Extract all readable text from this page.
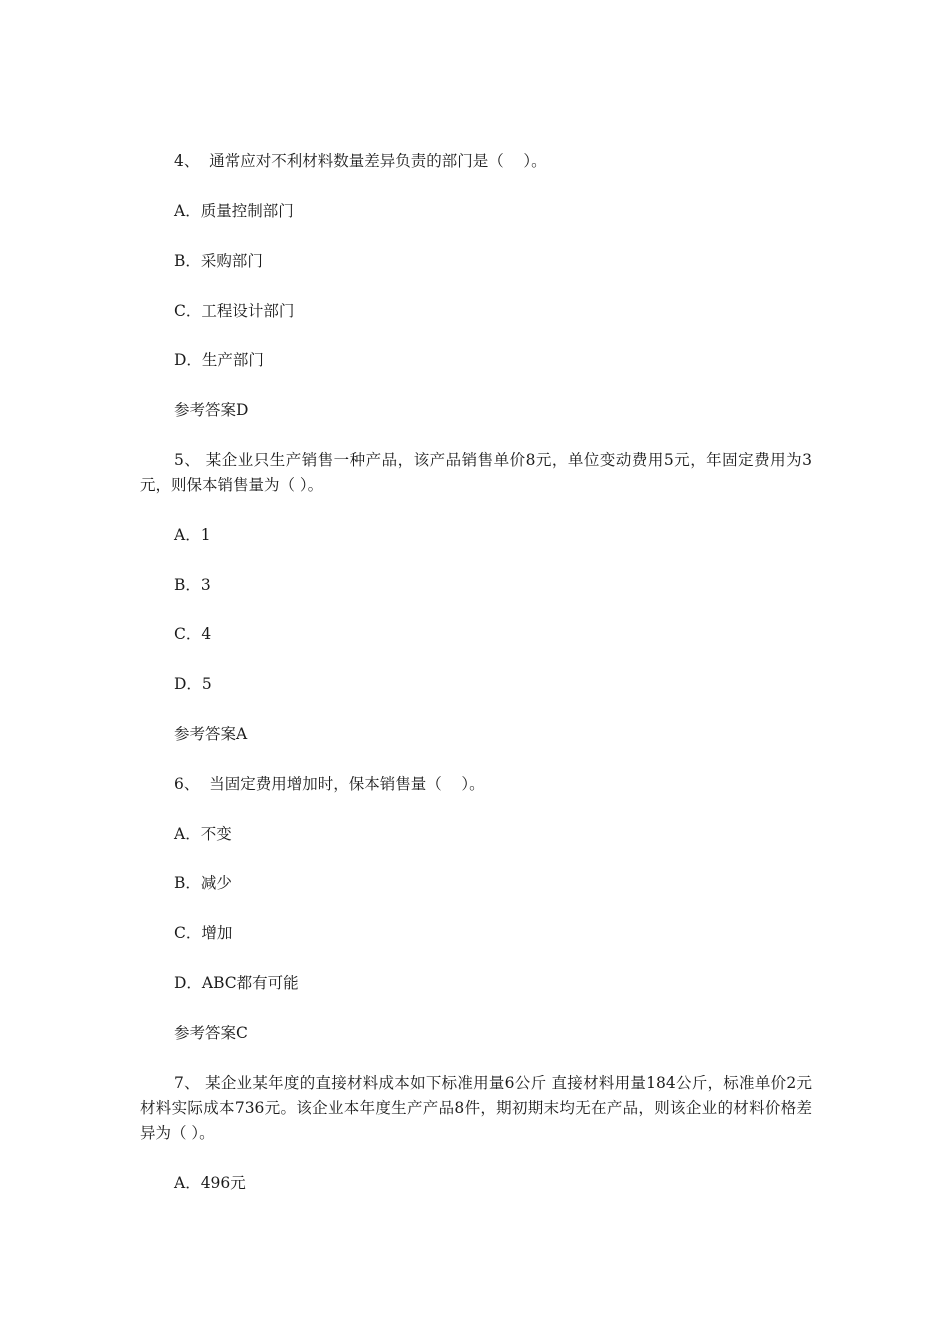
4、  通常应对不利材料数量差异负责的部门是（    ）。
A．质量控制部门
B．采购部门
C．工程设计部门
D．生产部门
参考答案D
5、 某企业只生产销售一种产品，该产品销售单价8元，单位变动费用5元，年固定费用为3元，则保本销售量为（ ）。
A．1
B．3
C．4
D．5
参考答案A
6、  当固定费用增加时，保本销售量（    ）。
A．不变
B．减少
C．增加
D．ABC都有可能
参考答案C
7、 某企业某年度的直接材料成本如下标准用量6公斤 直接材料用量184公斤，标准单价2元 材料实际成本736元。该企业本年度生产产品8件，期初期末均无在产品，则该企业的材料价格差异为（ ）。
A．496元
